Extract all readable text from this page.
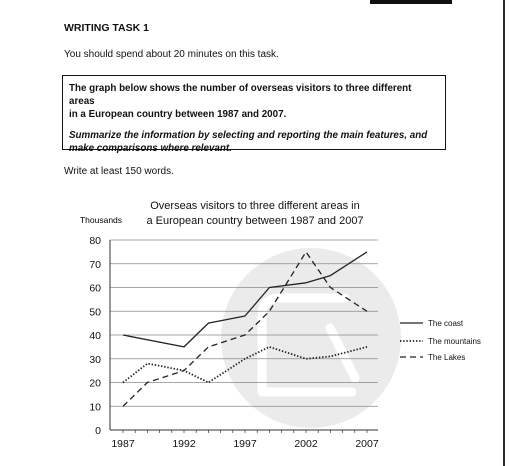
WRITING TASK 1
You should spend about 20 minutes on this task.

The graph below shows the number of overseas visitors to three different areas

in a European country between 1987 and 2007.

Summarize the information by selecting and reporting the main features, and

make comparisons where relevant.

Write at least 150 words.
Overseas visitors to three different areas in
a European country between 1987 and 2007
0
10
20
30
40
50
60
70
80
1987	1992	1997	2002	2007
Thousands
The coast
The mountains
The Lakes
